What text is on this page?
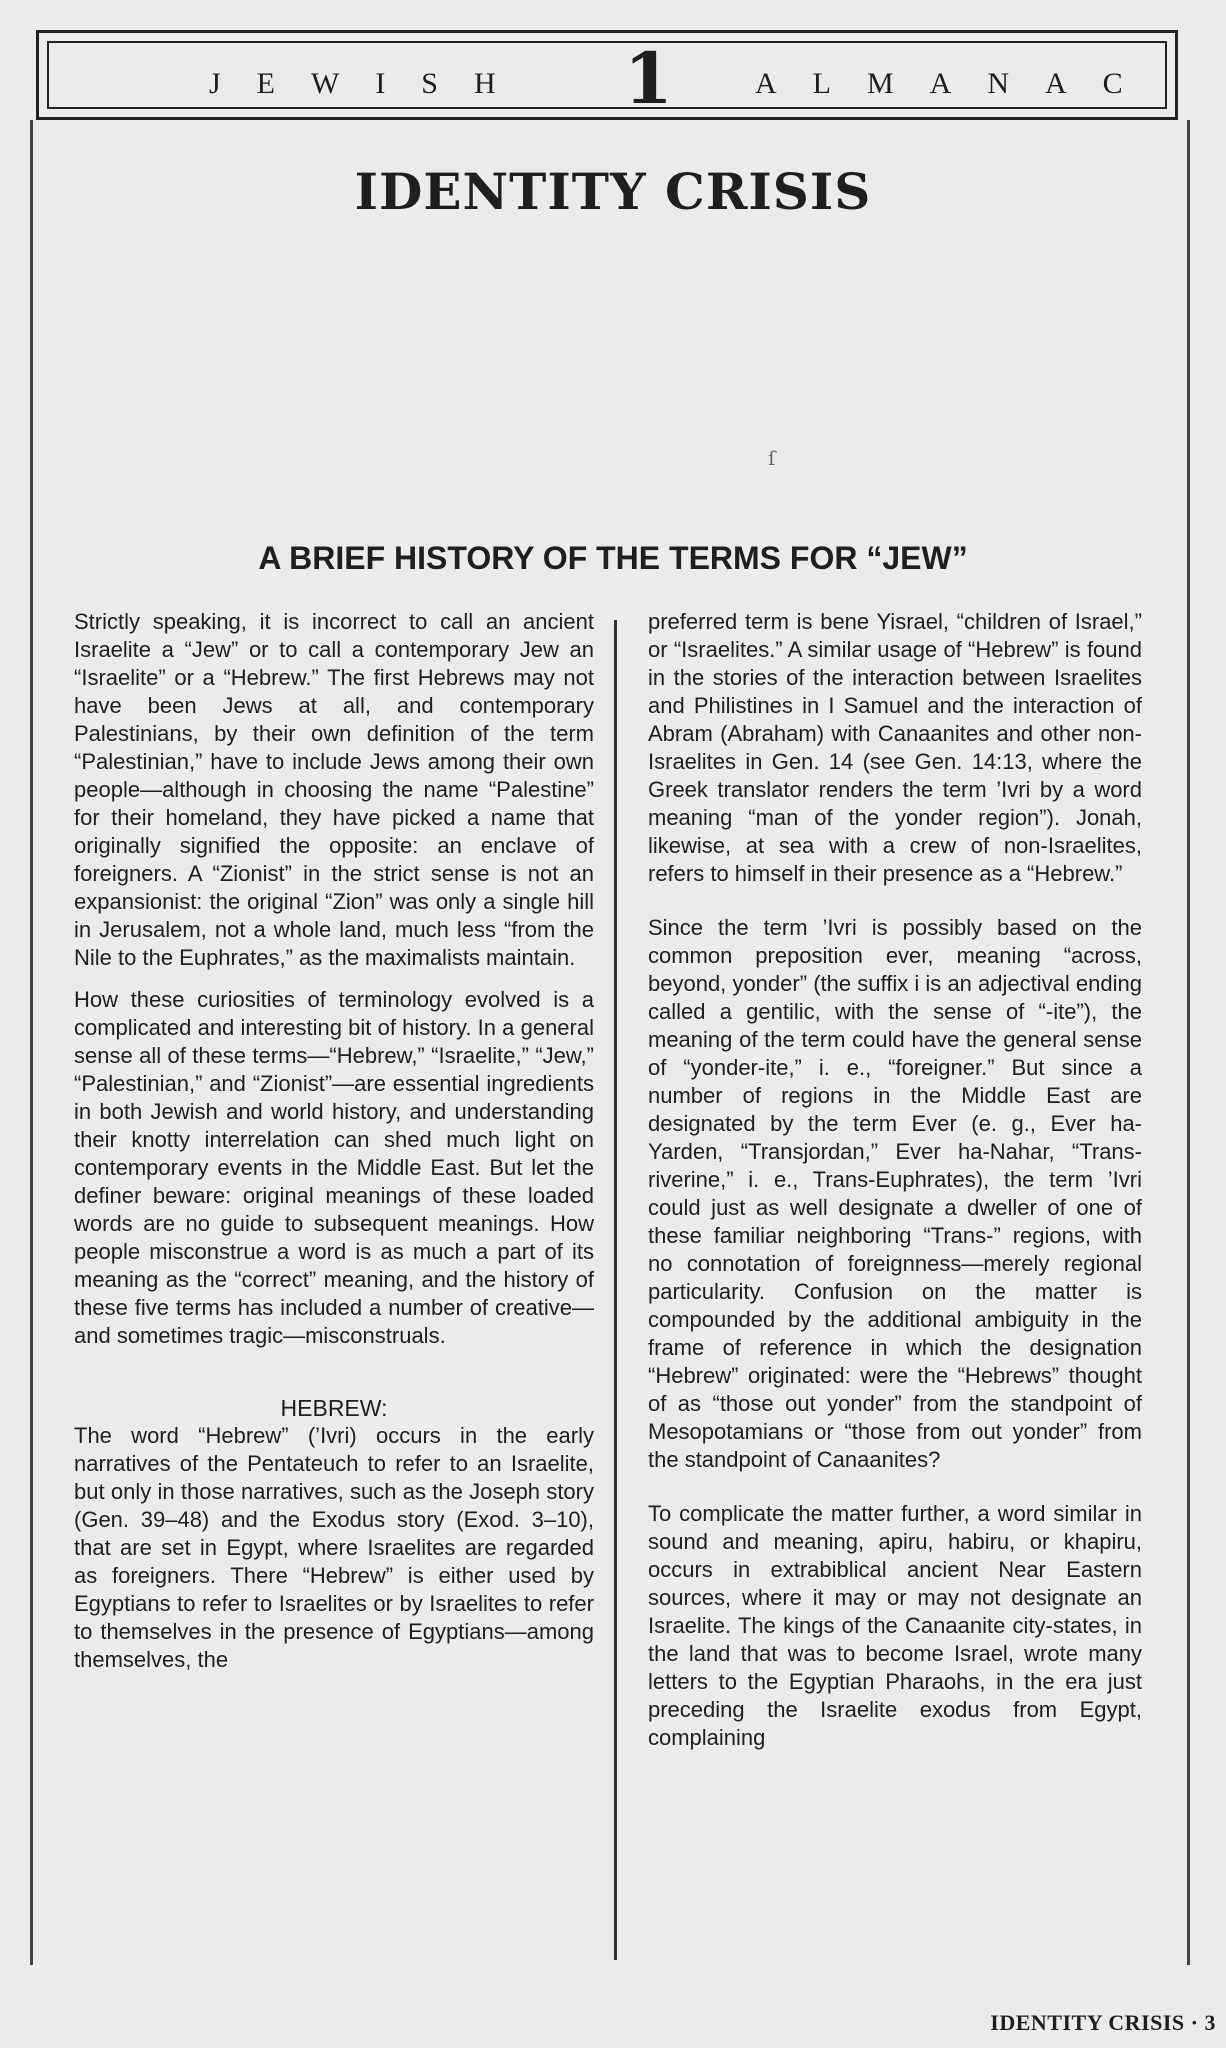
JEWISH 1	ALMANAC
IDENTITY CRISIS
ſ
A BRIEF HISTORY OF THE TERMS FOR “JEW”

Strictly speaking, it is incorrect to call an ancient Israelite a “Jew” or to call a contemporary Jew an “Israelite” or a “Hebrew.” The first Hebrews may not have been Jews at all, and contemporary Palestinians, by their own definition of the term “Palestinian,” have to include Jews among their own people—although in choosing the name “Palestine” for their homeland, they have picked a name that originally signified the opposite: an enclave of foreigners. A “Zionist” in the strict sense is not an expansionist: the original “Zion” was only a single hill in Jerusalem, not a whole land, much less “from the Nile to the Euphrates,” as the maximalists maintain.

How these curiosities of terminology evolved is a complicated and interesting bit of history. In a general sense all of these terms—“Hebrew,” “Israelite,” “Jew,” “Palestinian,” and “Zionist”—are essential ingredients in both Jewish and world history, and understanding their knotty interrelation can shed much light on contemporary events in the Middle East. But let the definer beware: original meanings of these loaded words are no guide to subsequent meanings. How people misconstrue a word is as much a part of its meaning as the “correct” meaning, and the history of these five terms has included a number of creative—and sometimes tragic—misconstruals.

HEBREW:

The word “Hebrew” (’Ivri) occurs in the early narratives of the Pentateuch to refer to an Israelite, but only in those narratives, such as the Joseph story (Gen. 39–48) and the Exodus story (Exod. 3–10), that are set in Egypt, where Israelites are regarded as foreigners. There “Hebrew” is either used by Egyptians to refer to Israelites or by Israelites to refer to themselves in the presence of Egyptians—among themselves, the

preferred term is bene Yisrael, “children of Israel,” or “Israelites.” A similar usage of “Hebrew” is found in the stories of the interaction between Israelites and Philistines in I Samuel and the interaction of Abram (Abraham) with Canaanites and other non-Israelites in Gen. 14 (see Gen. 14:13, where the Greek translator renders the term ’Ivri by a word meaning “man of the yonder region”). Jonah, likewise, at sea with a crew of non-Israelites, refers to himself in their presence as a “Hebrew.”

Since the term ’Ivri is possibly based on the common preposition ever, meaning “across, beyond, yonder” (the suffix i is an adjectival ending called a gentilic, with the sense of “-ite”), the meaning of the term could have the general sense of “yonder-ite,” i. e., “foreigner.” But since a number of regions in the Middle East are designated by the term Ever (e. g., Ever ha-Yarden, “Transjordan,” Ever ha-Nahar, “Trans-riverine,” i. e., Trans-Euphrates), the term ’Ivri could just as well designate a dweller of one of these familiar neighboring “Trans-” regions, with no connotation of foreignness—merely regional particularity. Confusion on the matter is compounded by the additional ambiguity in the frame of reference in which the designation “Hebrew” originated: were the “Hebrews” thought of as “those out yonder” from the standpoint of Mesopotamians or “those from out yonder” from the standpoint of Canaanites?

To complicate the matter further, a word similar in sound and meaning, apiru, habiru, or khapiru, occurs in extrabiblical ancient Near Eastern sources, where it may or may not designate an Israelite. The kings of the Canaanite city-states, in the land that was to become Israel, wrote many letters to the Egyptian Pharaohs, in the era just preceding the Israelite exodus from Egypt, complaining

IDENTITY CRISIS · 3
